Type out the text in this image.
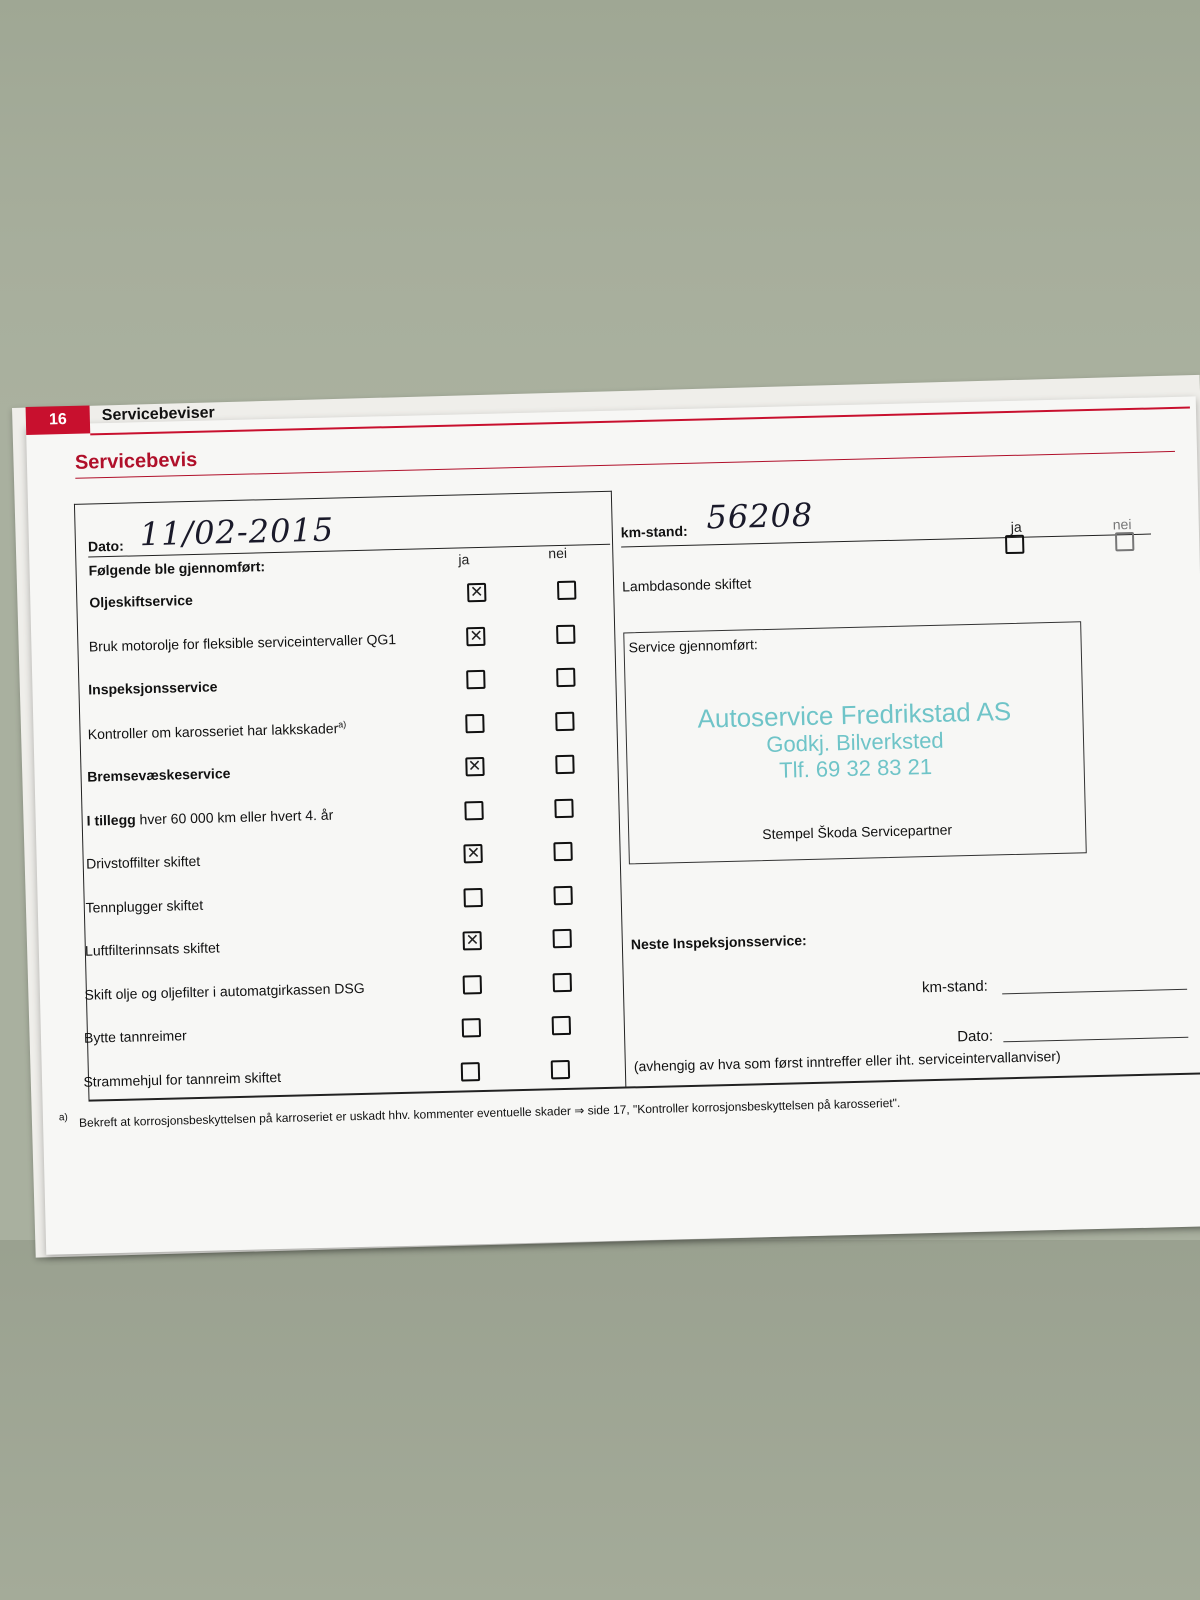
16	Servicebeviser
Servicebevis
Dato: 11/02-2015
Følgende ble gjennomført:	ja	nei
Oljeskiftservice	✕
Bruk motorolje for fleksible serviceintervaller QG1	✕
Inspeksjonsservice
Kontroller om karosseriet har lakkskader$^{a)}$
Bremsevæskeservice	✕
I tillegg hver 60 000 km eller hvert 4. år
Drivstoffilter skiftet	✕
Tennplugger skiftet
Luftfilterinnsats skiftet	✕
Skift olje og oljefilter i automatgirkassen DSG
Bytte tannreimer
Strammehjul for tannreim skiftet
km-stand: 56208	ja	nei
Lambdasonde skiftet
Service gjennomført:
Autoservice Fredrikstad AS
Godkj. Bilverksted
Tlf. 69 32 83 21
Stempel Škoda Servicepartner
Neste Inspeksjonsservice:
km-stand:
Dato:
(avhengig av hva som først inntreffer eller iht. serviceintervallanviser)
a) Bekreft at korrosjonsbeskyttelsen på karroseriet er uskadt hhv. kommenter eventuelle skader ⇒ side 17, "Kontroller korrosjonsbeskyttelsen på karosseriet".
